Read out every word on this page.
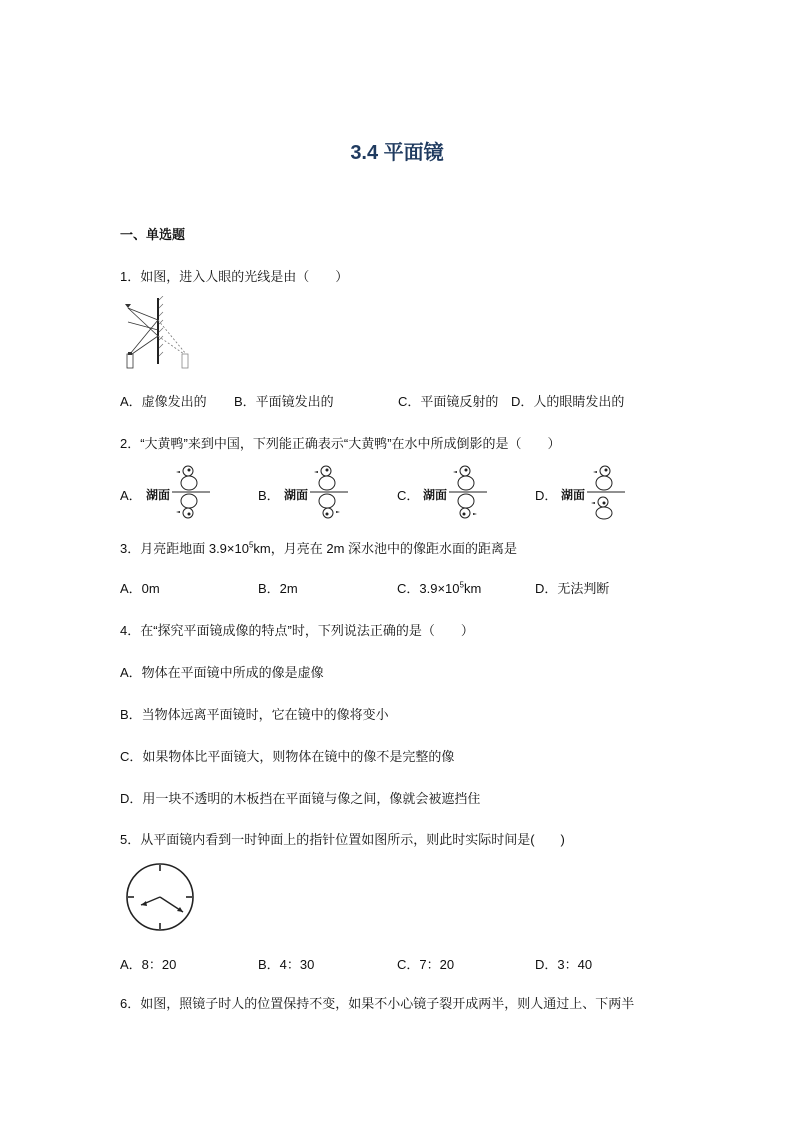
3.4 平面镜
一、单选题
1．如图，进入人眼的光线是由（　　）
A．虚像发出的 B．平面镜发出的	C．平面镜反射的 D．人的眼睛发出的
2．“大黄鸭”来到中国，下列能正确表示“大黄鸭”在水中所成倒影的是（　　）
A． 湖面	B． 湖面	C． 湖面	D． 湖面
3．月亮距地面 $3.9\times 10^5km$，月亮在 2m 深水池中的像距水面的距离是
A．0m	B．2m	C．$3.9\times 10^5km$	D．无法判断
4．在“探究平面镜成像的特点”时，下列说法正确的是（　　）
A．物体在平面镜中所成的像是虚像
B．当物体远离平面镜时，它在镜中的像将变小
C．如果物体比平面镜大，则物体在镜中的像不是完整的像
D．用一块不透明的木板挡在平面镜与像之间，像就会被遮挡住
5．从平面镜内看到一时钟面上的指针位置如图所示，则此时实际时间是(　　)
A．8：20	B．4：30	C．7：20	D．3：40
6．如图，照镜子时人的位置保持不变，如果不小心镜子裂开成两半，则人通过上、下两半
